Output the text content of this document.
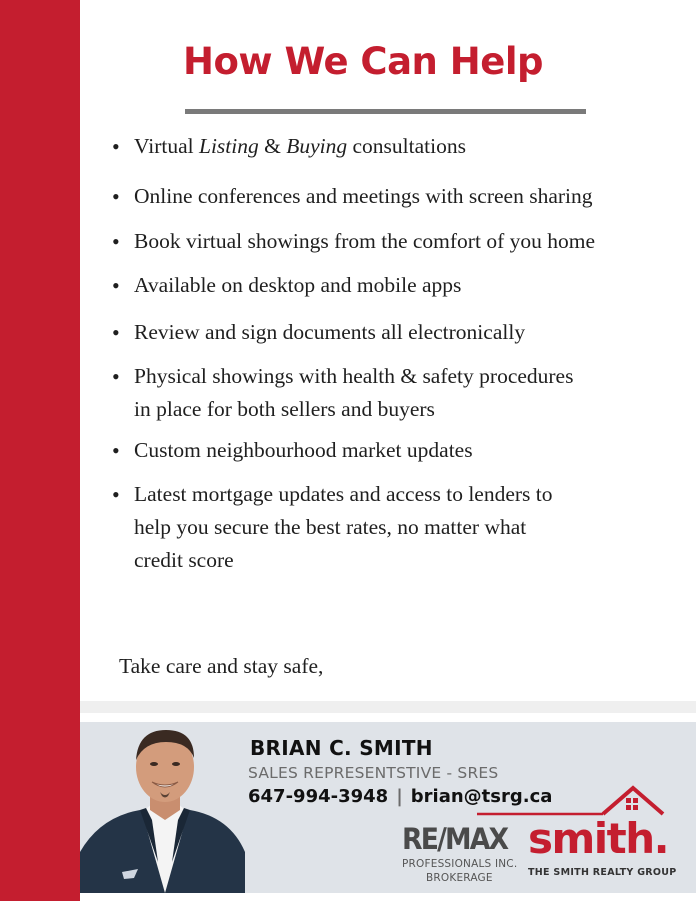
How We Can Help
• Virtual Listing & Buying consultations
• Online conferences and meetings with screen sharing
• Book virtual showings from the comfort of you home
• Available on desktop and mobile apps
• Review and sign documents all electronically
• Physical showings with health & safety procedures
in place for both sellers and buyers
• Custom neighbourhood market updates
• Latest mortgage updates and access to lenders to
help you secure the best rates, no matter what
credit score
Take care and stay safe,
BRIAN C. SMITH
SALES REPRESENTSTIVE - SRES
647-994-3948 | brian@tsrg.ca
RE/MAX
PROFESSIONALS INC.
BROKERAGE
smith.
THE SMITH REALTY GROUP
